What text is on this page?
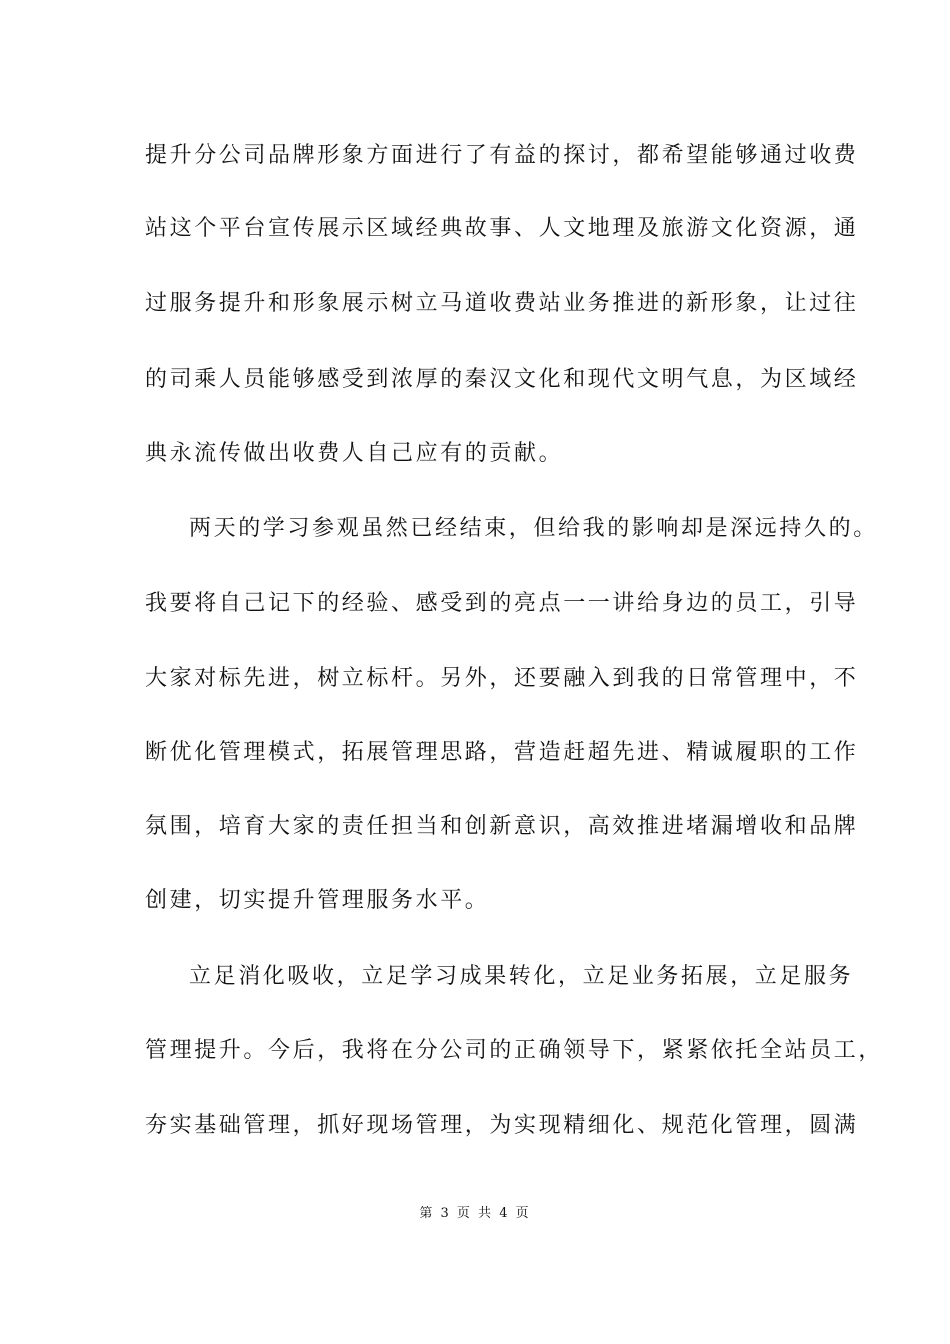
提升分公司品牌形象方面进行了有益的探讨，都希望能够通过收费
站这个平台宣传展示区域经典故事、人文地理及旅游文化资源，通
过服务提升和形象展示树立马道收费站业务推进的新形象，让过往
的司乘人员能够感受到浓厚的秦汉文化和现代文明气息，为区域经
典永流传做出收费人自己应有的贡献。
两天的学习参观虽然已经结束，但给我的影响却是深远持久的。
我要将自己记下的经验、感受到的亮点一一讲给身边的员工，引导
大家对标先进，树立标杆。另外，还要融入到我的日常管理中，不
断优化管理模式，拓展管理思路，营造赶超先进、精诚履职的工作
氛围，培育大家的责任担当和创新意识，高效推进堵漏增收和品牌
创建，切实提升管理服务水平。
立足消化吸收，立足学习成果转化，立足业务拓展，立足服务
管理提升。今后，我将在分公司的正确领导下，紧紧依托全站员工，
夯实基础管理，抓好现场管理，为实现精细化、规范化管理，圆满
第 3 页 共 4 页
